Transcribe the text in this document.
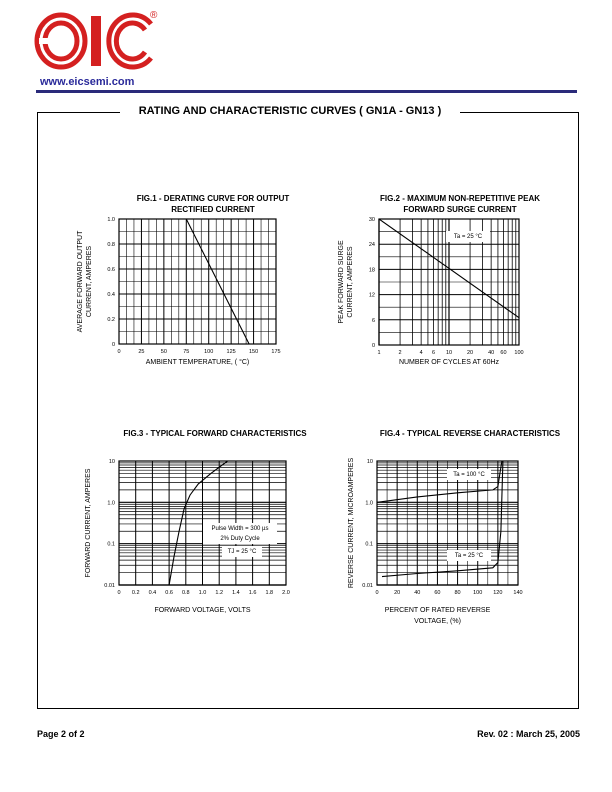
®
www.eicsemi.com
RATING AND CHARACTERISTIC CURVES ( GN1A - GN13 )
FIG.1 - DERATING CURVE FOR OUTPUT
RECTIFIED CURRENT
FIG.2 - MAXIMUM NON-REPETITIVE PEAK
FORWARD SURGE CURRENT
FIG.3 - TYPICAL FORWARD CHARACTERISTICS	FIG.4 - TYPICAL REVERSE CHARACTERISTICS
0	25	50	75	100 125 150 175
0
0.2
0.4
0.6
0.8
1.0
AMBIENT TEMPERATURE, ( °C)
AVERAGE FORWARD OUTPUT CURRENT, AMPERES
1	2	4 6 10	20	40 60 100
0
6
12
18
24
30
NUMBER OF CYCLES AT 60Hz
PEAK FORWARD SURGE CURRENT, AMPERES
Ta = 25 °C
0 0.2 0.4 0.6 0.8 1.0 1.2 1.4 1.6 1.8 2.0
0.01
0.1
1.0
10
FORWARD VOLTAGE, VOLTS
FORWARD CURRENT, AMPERES	Pulse Width = 300 µs
2% Duty Cycle
TJ = 25 °C
0	20	40	60	80 100 120 140
0.01
0.1
1.0
10
PERCENT OF RATED REVERSE
VOLTAGE, (%)
REVERSE CURRENT, MICROAMPERES	Ta = 100 °C
Ta = 25 °C
Page 2 of 2	Rev. 02 : March 25, 2005
